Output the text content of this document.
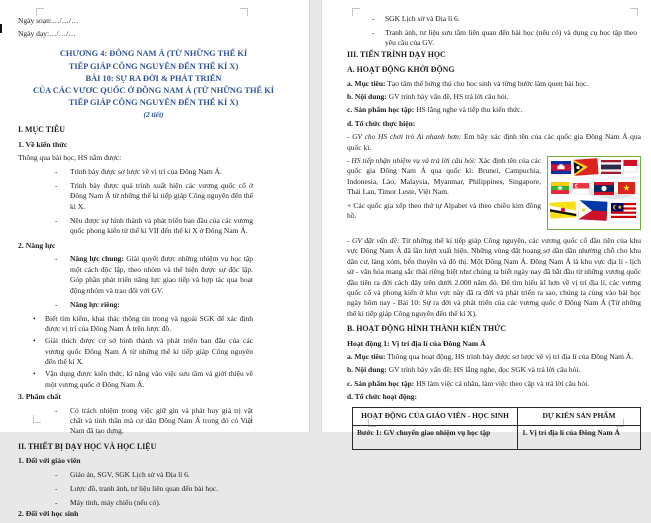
Ngày soạn:…/…/…

Ngày dạy:…/…/…

CHƯƠNG 4: ĐÔNG NAM Á (TỪ NHỮNG THẾ KỈ
TIẾP GIÁP CÔNG NGUYÊN ĐẾN THẾ KỈ X)
BÀI 10: SỰ RA ĐỜI & PHÁT TRIỂN
CỦA CÁC VƯƠC QUỐC Ở ĐÔNG NAM Á (TỪ NHỮNG THẾ KỈ
TIẾP GIÁP CÔNG NGUYÊN ĐẾN THẾ KỈ X)
(2 tiết)

I. MỤC TIÊU

1. Về kiến thức

Thông qua bài học, HS nắm được:

- Trình bày được sơ lược về vị trí của Đông Nam Á.
- Trình bày được quá trình xuất hiện các vương quốc cổ ở Đông Nam Á từ những thế kỉ tiếp giáp Công nguyên đến thế kỉ X.
- Nêu được sự hình thành và phát triển ban đầu của các vương quốc phong kiến từ thế kỉ VII đến thế kỉ X ở Đông Nam Á.

2. Năng lực

- Năng lực chung: Giải quyết được những nhiệm vụ học tập một cách độc lập, theo nhóm và thể hiện được sự độc lập. Góp phần phát triển năng lực giao tiếp và hợp tác qua hoạt động nhóm và trao đổi với GV.
- Năng lực riêng:
• Biết tìm kiếm, khai thác thông tin trong và ngoài SGK để xác định được vị trí của Đông Nam Á trên lược đồ.
• Giải thích được cơ sở hình thành và phát triển ban đầu của các vương quốc Đông Nam Á từ những thế kỉ tiếp giáp Công nguyên đến thế kỉ X.
• Vận dụng được kiến thức, kĩ năng vào việc sưu tầm và giới thiệu về một vương quốc ở Đông Nam Á.

3. Phẩm chất

- Có trách nhiệm trong việc giữ gìn và phát huy giá trị vật chất và tinh thần mà cư dân Đông Nam Á trong đó có Việt Nam đã tạo dựng.

II. THIẾT BỊ DẠY HỌC VÀ HỌC LIỆU

1. Đối với giáo viên

- Giáo án, SGV, SGK Lịch sử và Địa lí 6.
- Lược đồ, tranh ảnh, tư liệu liên quan đến bài học.
- Máy tính, máy chiếu (nếu có).

2. Đối với học sinh

- SGK Lịch sử và Địa lí 6.
- Tranh ảnh, tư liệu sưu tầm liên quan đến bài học (nếu có) và dụng cụ học tập theo yêu cầu của GV.

III. TIẾN TRÌNH DẠY HỌC

A. HOẠT ĐỘNG KHỞI ĐỘNG

a. Mục tiêu: Tạo tâm thế hứng thú cho học sinh và từng bước làm quen bài học.

b. Nội dung: GV trình bày vấn đề, HS trả lời câu hỏi.

c. Sản phẩm học tập: HS lắng nghe và tiếp thu kiến thức.

d. Tổ chức thực hiện:

- GV cho HS chơi trò Ai nhanh hơn: Em hãy xác định tên của các quốc gia Đông Nam Á qua quốc kì.

- HS tiếp nhận nhiệm vụ và trả lời câu hỏi: Xác định tên của các quốc gia Đông Nam Á qua quốc kì: Brunei, Campuchia, Indonesia, Lào, Malaysia, Myanmar, Philippines, Singapore, Thái Lan, Timor Leste, Việt Nam.

+ Các quốc gia xếp theo thứ tự Alpabet và theo chiều kim đồng hồ.

- GV đặt vấn đề: Từ những thế kỉ tiếp giáp Công nguyên, các vương quốc cổ đầu tiên của khu vực Đông Nam Á đã lần lượt xuất hiện. Những vùng đất hoang sơ dần dần nhường chỗ cho khu dân cư, làng xóm, bến thuyền và đô thị. Một Đông Nam Á. Đông Nam Á là khu vực địa lí - lịch sử - văn hóa mang sắc thái riêng biệt như chúng ta biết ngày nay đã bắt đầu từ những vương quốc đầu tiên ra đời cách đây trên dưới 2.000 năm đó. Để tìm hiểu kĩ hơn về vị trí địa lí, các vương quốc cổ và phong kiến ở khu vực này đã ra đời và phát triển ra sao, chúng ta cùng vào bài học ngày hôm nay - Bài 10: Sự ra đời và phát triển của các vương quốc ở Đông Nam Á (Từ những thế kỉ tiếp giáp Công nguyên đến thế kỉ X).

B. HOẠT ĐỘNG HÌNH THÀNH KIẾN THỨC

Hoạt động 1: Vị trí địa lí của Đông Nam Á

a. Mục tiêu: Thông qua hoạt động, HS trình bày được sơ lược về vị trí địa lí của Đông Nam Á.

b. Nội dung: GV trình bày vấn đề; HS lắng nghe, đọc SGK và trả lời câu hỏi.

c. Sản phẩm học tập: HS làm việc cá nhân, làm việc theo cặp và trả lời câu hỏi.

d. Tổ chức hoạt động:

HOẠT ĐỘNG CỦA GIÁO VIÊN - HỌC SINH	DỰ KIẾN SẢN PHẨM
Bước 1: GV chuyển giao nhiệm vụ học tập	1. Vị trí địa lí của Đông Nam Á
